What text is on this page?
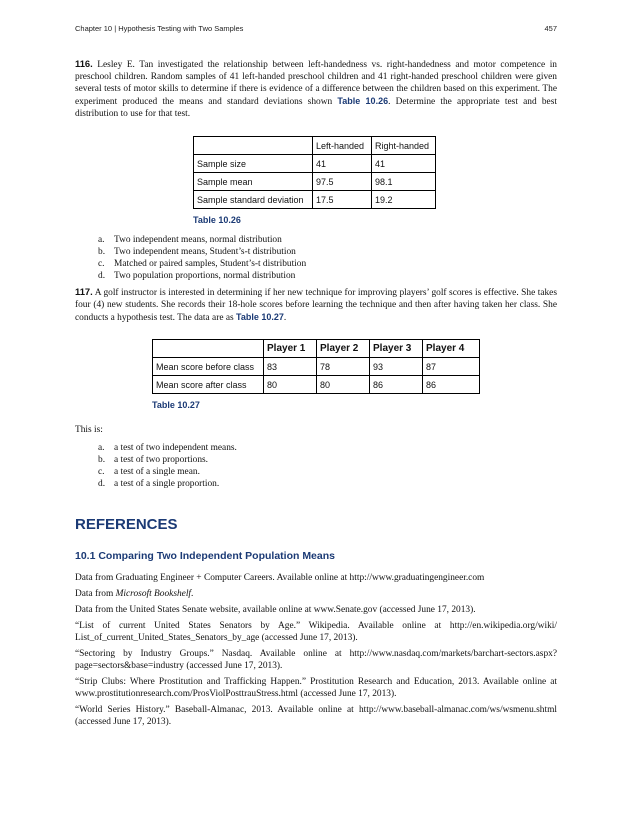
Chapter 10 | Hypothesis Testing with Two Samples	457

116. Lesley E. Tan investigated the relationship between left-handedness vs. right-handedness and motor competence in preschool children. Random samples of 41 left-handed preschool children and 41 right-handed preschool children were given several tests of motor skills to determine if there is evidence of a difference between the children based on this experiment. The experiment produced the means and standard deviations shown Table 10.26. Determine the appropriate test and best distribution to use for that test.

	Left-handed	Right-handed
Sample size	41	41
Sample mean	97.5	98.1
Sample standard deviation	17.5	19.2
Table 10.26
a.	Two independent means, normal distribution
b. Two independent means, Student’s-t distribution
c.	Matched or paired samples, Student’s-t distribution
d. Two population proportions, normal distribution

117. A golf instructor is interested in determining if her new technique for improving players’ golf scores is effective. She takes four (4) new students. She records their 18-hole scores before learning the technique and then after having taken her class. She conducts a hypothesis test. The data are as Table 10.27.

	Player 1	Player 2	Player 3	Player 4
Mean score before class	83	78	93	87
Mean score after class	80	80	86	86
Table 10.27

This is:

a.	a test of two independent means.
b. a test of two proportions.
c.	a test of a single mean.
d. a test of a single proportion.
REFERENCES
10.1 Comparing Two Independent Population Means

Data from Graduating Engineer + Computer Careers. Available online at http://www.graduatingengineer.com

Data from Microsoft Bookshelf.

Data from the United States Senate website, available online at www.Senate.gov (accessed June 17, 2013).

“List of current United States Senators by Age.” Wikipedia. Available online at http://en.wikipedia.org/wiki/ List_of_current_United_States_Senators_by_age (accessed June 17, 2013).

“Sectoring by Industry Groups.” Nasdaq. Available online at http://www.nasdaq.com/markets/barchart-sectors.aspx?page=sectors&base=industry (accessed June 17, 2013).

“Strip Clubs: Where Prostitution and Trafficking Happen.” Prostitution Research and Education, 2013. Available online at www.prostitutionresearch.com/ProsViolPosttrauStress.html (accessed June 17, 2013).

“World Series History.” Baseball-Almanac, 2013. Available online at http://www.baseball-almanac.com/ws/wsmenu.shtml (accessed June 17, 2013).
